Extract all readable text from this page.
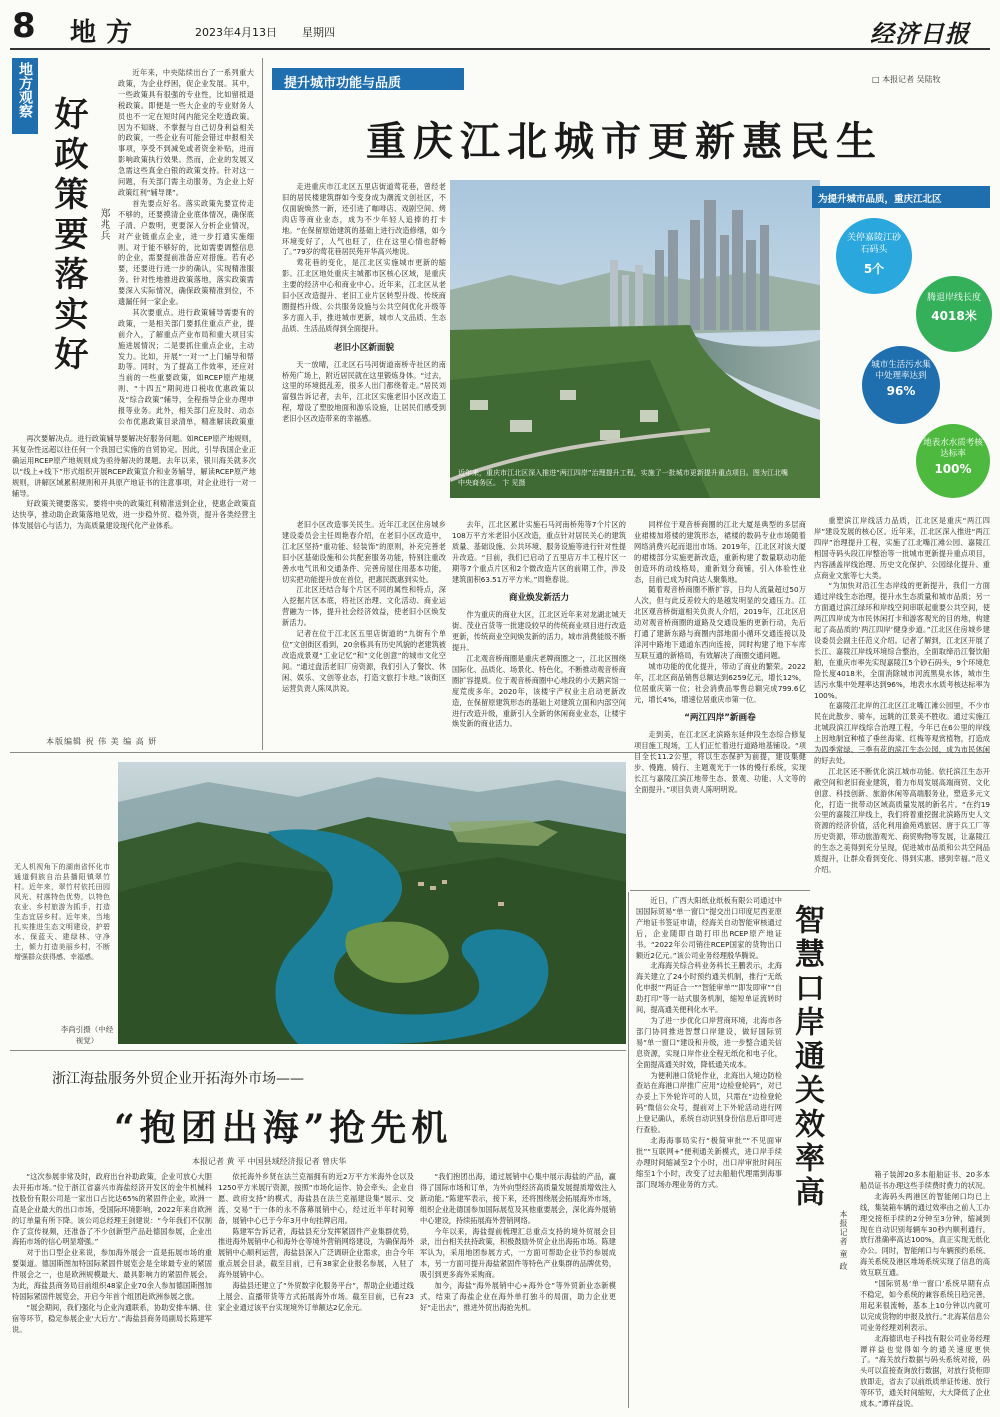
8 地方	2023年4月13日 星期四	经济日报
地方观察
好政策要落实好 郑兆兵

近年来，中央陆续出台了一系列重大政策，为企业纾困，促企业发展。其中，一些政策具有很强的专业性，比如留抵退税政策。即便是一些大企业的专业财务人员也不一定在短时间内能完全吃透政策。因为不知晓、不掌握与自己切身利益相关的政策，一些企业有可能会错过申报相关事项，享受不到减免或者资金补贴，进而影响政策执行效果。然而，企业的发展又急需这些真金白银的政策支持。针对这一问题，有关部门需主动服务，为企业上好政策红利“辅导课”。

首先要点好名。落实政策先要宣传走不够的，还要摸清企业底体情况，确保底子清、户数明，更要深入分析企业情况，对产业链重点企业，进一步打通实施细则。对于能不够好的，比如需要调整信息的企业，需要提前准备应对措施。若有必要，还要进行进一步的确认，实现精准服务。针对性地推进政策落地，落实政策需要深入实际情况，确保政策精准到位，不遗漏任何一家企业。

其次要重点。进行政策辅导需要有的政策，一是相关部门要抓住重点产业，提前介入，了解重点产业布局和重大项目实施进展情况；二是要抓住重点企业，主动发力。比如，开展“一对一”上门辅导和帮助等。同时，为了提高工作效率，还应对当前的一些重要政策，如RCEP原产地规则、“十四五”期间进口税收优惠政策以及“综合政策”辅导，全程指导企业办理申报等业务。此外，相关部门应及时、动态公布优惠政策目录清单，精准解读政策重

再次要解决点。进行政策辅导要解决好服务问题。如RCEP原产地规则，其复杂性远超以往任何一个我国已实施的自贸协定。因此，引导我国企业正确运用RCEP原产地规则成为亟待解决的课题。去年以来，银川海关就多次以“线上+线下”形式组织开展RCEP政策宣介和业务辅导，解读RCEP原产地规则，讲解区域累积规则和开具原产地证书的注意事项，对企业进行一对一辅导。

好政策关键要落实。要将中央的政策红利精准送到企业，使惠企政策直达快享，推动助企政策落地见效，进一步稳外贸、稳外资，提升各类经营主体发展信心与活力，为高质量建设现代化产业体系。

本版编辑 祝 伟 美 编 高 妍
提升城市功能与品质	□ 本报记者 吴陆牧
重庆江北城市更新惠民生

走进重庆市江北区五里店街道莺花巷，曾经老旧的居民楼建筑群如今变身成为潮流文创社区，不仅面貌焕然一新，还引进了咖啡店、戏剧空间、烤肉店等商业业态，成为不少年轻人追捧的打卡地。“在保留原始建筑的基础上进行改造修缮，如今环境变好了，人气也旺了，住在这里心情也舒畅了。”79岁的莺花巷居民苑开华高兴地说。

莺花巷的变化，是江北区实施城市更新的缩影。江北区地处重庆主城都市区核心区域，是重庆主要的经济中心和商业中心。近年来，江北区从老旧小区改造提升、老旧工业片区转型升级、传统商圈提档升级、公共服务设施与公共空间优化升级等多方面入手，推进城市更新，城市人文品质、生态品质、生活品质得到全面提升。

老旧小区新面貌

天一放晴，江北区石马河街道南桥寺社区的南桥苑广场上，附近居民就在这里锻炼身体。“过去，这里的环境挺乱差，很多人出门都绕着走。”居民刘富强告诉记者，去年，江北区实施老旧小区改造工程，增设了塑胶地面和游乐设施，让居民们感受到老旧小区改造带来的幸福感。

近年来，重庆市江北区深入推进“两江四岸”治理提升工程，实施了一批城市更新提升重点项目。图为江北嘴中央商务区。 卞 见摄
为提升城市品质，重庆江北区
关停嘉陵江砂石码头
5个
腾退岸线长度
4018米
城市生活污水集中处理率达到
96%
地表水水质考核达标率
100%

老旧小区改造事关民生。近年江北区住房城乡建设委员会主任周艳春介绍，在老旧小区改造中，江北区坚持“重功能、轻装饰”的原则，补充完善老旧小区基础设施和公共配套服务功能，特别注重改善水电气讯和交通条件、完善房屋住用基本功能，切实把功能提升放在首位，把惠民既惠到实处。

江北区还结合每个片区不同的属性和特点，深入挖掘片区本底，将社区治理、文化活动、商业运营融为一体，提升社会经济效益，使老旧小区焕发新活力。

记者在位于江北区五里店街道的“九街有个单位”文创街区看到，20余栋具有历史风貌的老建筑被改造成景观“工业记忆”和“文化创意”的城市文化空间。“通过盘活老旧厂房资源，我们引入了餐饮、休闲、娱乐、文创等业态，打造文旅打卡地。”该街区运营负责人陈凤洪说。

去年，江北区累计实施石马河南桥苑等7个片区的108万平方米老旧小区改造，重点针对居民关心的建筑质量、基础设施、公共环境、服务设施等进行针对性提升改造。“目前，我们已启动了五里店万丰工程片区一期等7个重点片区和2个微改造片区的前期工作，涉及建筑面积63.51万平方米。”周艳春说。

商业焕发新活力

作为重庆的商业大区，江北区近年来对龙湖北城天街、茂业百货等一批建设较早的传统商业项目进行改造更新，传统商业空间焕发新的活力，城市消费能级不断提升。

江北观音桥商圈是重庆老牌商圈之一，江北区围绕国际化、品质化、场景化、特色化，不断推动观音桥商圈扩容提质。位于观音桥商圈中心地段的小天鹅宾馆一度荒废多年。2020年，该楼宇产权业主启动更新改造，在保留原建筑形态的基础上对建筑立面和内部空间进行改造升级，重新引入全新的休闲商业业态，让楼宇焕发新的商业活力。

同样位于观音桥商圈的江北大厦是典型的多层商业裙楼加塔楼的建筑形态，裙楼的数码专业市场随着网络消费兴起而退出市场。2019年，江北区对该大厦的裙楼部分实施更新改造，重新构建了数量联动功能创造环的动线格局，重新划分商铺，引入体验性业态，目前已成为时尚达人聚集地。

随着观音桥商圈不断扩容，日均人流量超过50万人次，但与此反差较大的是越发明显的交通压力。江北区观音桥街道相关负责人介绍，2019年，江北区启动对观音桥商圈的道路及交通设施的更新行动，先后打通了建新东路与商圈内部地面小循环交通连接以及洋河中路地下通道东西向连接，同时构建了地下车库互联互通的新格局，有效解决了商圈交通问题。

城市功能的优化提升，带动了商业的繁荣。2022年，江北区商品销售总额达到6259亿元，增长12%，位居重庆第一位；社会消费品零售总额完成799.6亿元，增长4%，增速位居重庆市第一位。

“两江四岸”新画卷

走到美，在江北区北滨路东延伸段生态综合修复项目施工现场，工人们正忙着进行道路地基铺设。“项目全长11.2公里，将以生态保护为前提，建设集健步、慢跑、骑行、主题观光于一体的慢行系统，实现长江与嘉陵江滨江地带生态、景观、功能、人文等的全面提升。”项目负责人陈明明说。

重塑滨江岸线活力品质，江北区是重庆“两江四岸”建设发展的核心区。近年来，江北区深入推进“两江四岸”治理提升工程，实施了江北嘴江滩公园、嘉陵江相国寺码头段江岸整治等一批城市更新提升重点项目，内容涵盖岸线治理、历史文化保护、公园绿化提升、重点商业文旅等七大类。

“为加快对沿江生态岸线的更新提升，我们一方面通过岸线生态治理，提升水生态质量和城市品质；另一方面通过滨江绿环和岸线空间串联起重要公共空间，使两江四岸成为市民休闲打卡和游客观光的目的地，构建起了高品质的‘两江四岸’健身步道。”江北区住房城乡建设委员会副主任范义介绍。记者了解到，江北区开展了长江、嘉陵江岸线环境综合整治，全面取缔沿江餐饮船舶，在重庆市率先实现嘉陵江5个砂石码头，9个环境危险长度4018米，全面消除城市河流黑臭水体，城市生活污水集中处理率达到96%，地表水水质考核达标率为100%。

在嘉陵江北岸的江北区江北嘴江滩公园里，不少市民在此散步、骑车，远眺的江景美不胜收。通过实施江北城段滨江岸线综合治理工程，今年已在6公里的岸线上因地制宜种植了垂丝海棠、红梅等观赏植物，打造成为四季常绿、三季有花的滨江生态公园，成为市民休闲的好去处。

江北区还不断优化滨江城市功能。依托滨江生态开敞空间和老旧商业建筑，着力布局发展高端商贸、文化创意、科技创新、旅游休闲等高端服务业，塑造多元文化，打造一批带动区域高质量发展的新名片。“在约19公里的嘉陵江岸线上，我们将着重挖掘北滨路历史人文资源的经济价值，活化利用渝苑鸡旅居、唐于兵工厂等历史资源，带动旅游观光、商贸购物等发展，让嘉陵江的生态之美得到充分呈现，促进城市品质和公共空间品质提升，让群众看到变化、得到实惠、感到幸福。”范义介绍。

无人机视角下的湖南省怀化市通道侗族自治县播阳镇翠竹村。近年来，翠竹村依托田园风光、村落特色优势，以特色农业、乡村旅游为抓手，打造生态宜居乡村。近年来，当地扎实推进生态文明建设，护碧水、保蓝天、建绿林、守净土，倾力打造美丽乡村，不断增强群众获得感、幸福感。
李尚引摄（中经视觉）
浙江海盐服务外贸企业开拓海外市场——
“抱团出海”抢先机
本报记者 黄 平 中国县域经济报记者 曾庆华

“这次参展非常及时，政府出台补助政策，企业可放心大胆去开拓市场。”位于浙江省嘉兴市海盐经济开发区的金牛机械科技股份有限公司是一家出口占比达65%的紧固件企业，欧洲一直是企业最大的出口市场，受国际环境影响，2022年来自欧洲的订单量有所下降。该公司总经理王剑建说：“今年我们不仅制作了宣传视频，还准备了不少创新型产品赴德国参展，企业出海拓市场的信心明显增强。”

对于出口型企业来说，参加海外展会一直是拓展市场的重要渠道。德国斯图加特国际紧固件展览会是全球最专业的紧固件展会之一，也是欧洲规模最大、最具影响力的紧固件展会。为此，海盐县商务局目前组织48家企业70余人参加德国斯图加特国际紧固件展览会，开启今年首个组团赴欧洲参展之旅。

“展会期间，我们强化与企业沟通联系，协助安排车辆、住宿等环节，稳定参展企业‘大后方’。”海盐县商务局副局长陈建军说。

依托海外乡贤在法兰克福拥有的近2万平方米海外仓以及1250平方米展厅资源，按照“市场化运作、协会牵头、企业自愿、政府支持”的模式，海盐县在法兰克福建设集“展示、交流、交易”于一体的永不落幕展销中心，经过近半年时间筹备，展销中心已于今年3月中旬挂牌启用。

陈建军告诉记者，海盐县充分发挥紧固件产业集群优势，推进海外展销中心和海外仓等境外营销网络建设，为确保海外展销中心顺利运营，海盐县深入广泛调研企业需求，由合今年重点展会目录，截至目前，已有38家企业报名参展，入驻了海外展销中心。

海盐县还建立了“外贸数字化服务平台”，帮助企业通过线上展会、直播带货等方式拓展海外市场。截至目前，已有23家企业通过该平台实现境外订单额达2亿余元。

“我们抱团出海，通过展销中心集中展示海盐的产品，赢得了国际市场和订单，为外向型经济高质量发展提质增效注入新动能。”陈建军表示，接下来，还将围绕展会拓展海外市场，组织企业赴德国参加国际展览及其他重要展会，深化海外展销中心建设，持续拓展海外营销网络。

今年以来，海盐提前梳理汇总重点支持的境外贸展会目录，出台相关扶持政策，积极鼓励外贸企业出海拓市场。陈建军认为，采用地团参展方式，一方面可帮助企业节约参展成本，另一方面可提升海盐紧固件等特色产业集群的品牌优势，吸引到更多海外采购商。

加今，海盐“海外展销中心+海外仓”等外贸新业态新模式，结束了海盐企业在海外单打独斗的局面，助力企业更好“走出去”，推进外贸出海抢先机。

近日，广西大阳纸业纸板有限公司通过中国国际贸易“单一窗口”提交出口印度尼西亚原产地证书签证申请，经海关自动智能审核通过后，企业随即自助打印出RCEP原产地证书。“2022年公司销往RCEP国家的货物出口额近2亿元。”该公司业务经理殷华腾说。

北海海关综合科业务科长王鹏表示，北海海关建立了24小时预约通关机制，推行“无纸化申报”“两证合一”“智能审单”“即发即审”“自助打印”等一站式服务机制，缩短单证流转时间，提高通关便利化水平。

为了进一步优化口岸营商环境，北海市各部门协同推进智慧口岸建设，做好国际贸易“单一窗口”建设和升级，进一步整合通关信息资源，实现口岸作业全程无纸化和电子化，全面提高通关时效，降低通关成本。

为便利港口货轮作业，北海出入境边防检查站在海港口岸推广应用“边检登轮码”，对已办妥上下外轮许可的人员，只需在“边检登轮码”微信公众号，提前对上下外轮活动进行网上登记确认，系统自动识别身份信息后即可进行查验。

北海海事局实行“极简审批”“不见面审批”“互联网+”便利通关新模式，进口岸手续办理时间缩减至2个小时，出口岸审批时间压缩至1个小时，改变了过去船舶代理需到海事部门现场办理业务的方式。	智慧口岸通关效率高
本报记者 童 政

箱子装卸20多本船舶证书、20多本船员证书办理这些手续费时费力的状况。

北海码头两港区的智能闸口均已上线，集装箱车辆的通过效率由之前人工办理交接柜手续的2分钟至3分钟，缩减到现在自动识别每辆车30秒内顺利通行，放行准确率高达100%，真正实现无纸化办公。同时，智能闸口与车辆预约系统、海关系统及港区堆场系统实现了信息的高效互联互通。

“国际贸易‘单一窗口’系统早期有点不稳定，如今系统的兼容系统日趋完善，用起来很流畅，基本上10分钟以内就可以完成货物的申报及放行。”北海某信息公司业务经理刘利表示。

北海德讯电子科技有限公司业务经理谭祥益也觉得如今的通关速度更快了。“海关放行数据与码头系统对接，码头可以直接查询放行数据，对放行货柜即放即走，省去了以前纸质单证传递、放行等环节，通关时间缩短，大大降低了企业成本。”谭祥益说。
